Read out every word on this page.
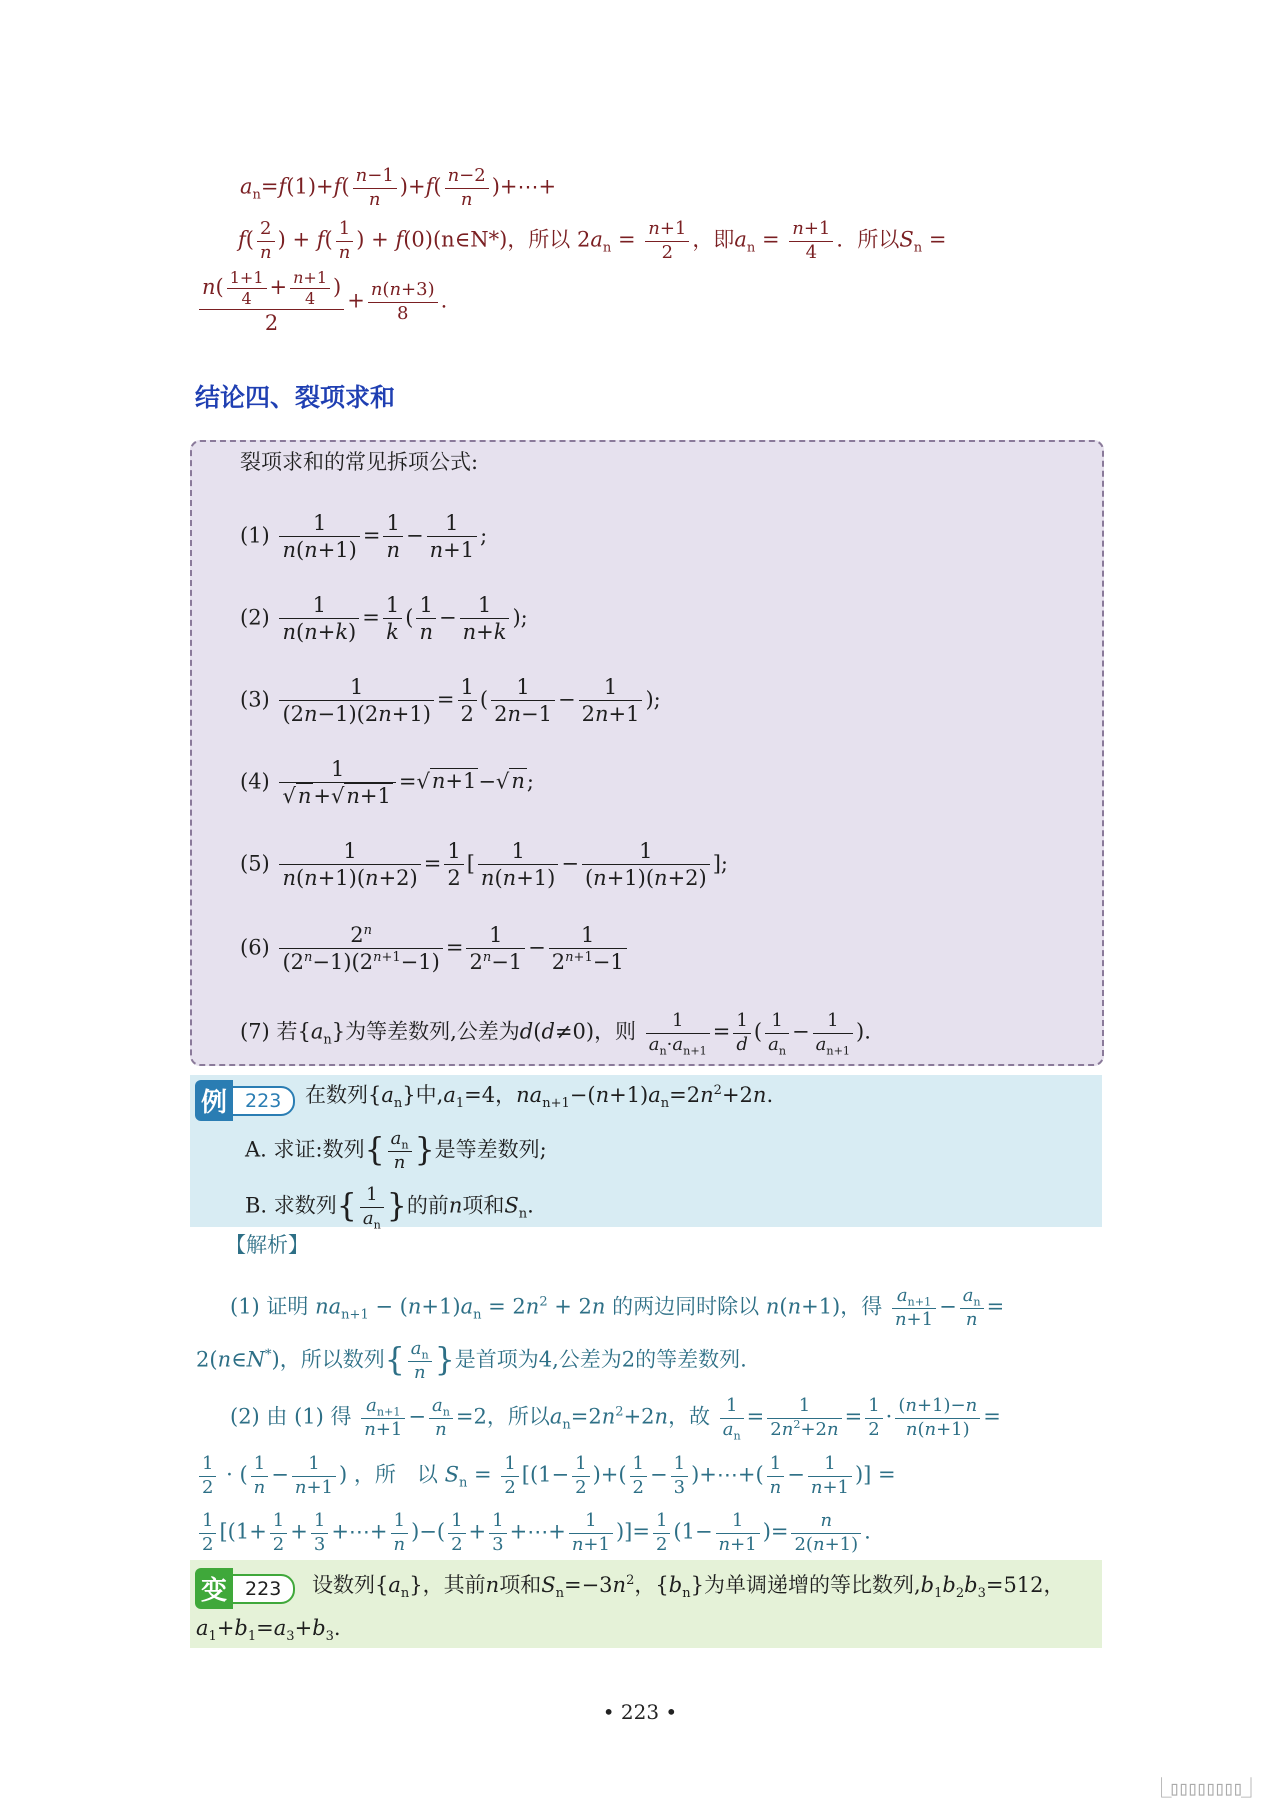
$a_n=f(1)+f( \frac{n-1}{n} )+f( \frac{n-2}{n}$ )+⋯+
$f( \frac{2}{n}$ ) + $f( \frac{1}{n}$ ) + f(0)(n∈N*)，所以 $2a_n = \frac{n+1}{2}$ ，即$a_n = \frac{n+1}{4}$ ．所以$S_n$ =
$\frac{n( \frac{1+1}{4} + \frac{n+1}{4} )}{2} + \frac{n(n+3)}{8}$ .
结论四、裂项求和
裂项求和的常见拆项公式:
$(1) \frac{1}{n(n+1)} = \frac{1}{n} - \frac{1}{n+1}$ ;
$(2) \frac{1}{n(n+k)} = \frac{1}{k}$ ( $\frac{1}{n} - \frac{1}{n+k}$ );
$(3) \frac{1}{(2n-1)(2n+1)} = \frac{1}{2}$ ( $\frac{1}{2n-1} - \frac{1}{2n+1}$ );
$(4) \frac{1}{√n+√n+1} =√n+1-√n$;
$(5) \frac{1}{n(n+1)(n+2)} = \frac{1}{2}$ [ $\frac{1}{n(n+1)} - \frac{1}{(n+1)(n+2)}$ ];
$(6) \frac{2^n}{(2^n-1)(2^{n+1}-1)} = \frac{1}{2^n-1} - \frac{1}{2^{n+1}-1}$
(7) 若$\{a_n\}$为等差数列,公差为d(d≠0)，则 $\frac{1}{a_n\cdot a_{n+1}} = \frac{1}{d}$ ( $\frac{1}{a_n} - \frac{1}{a_{n+1}}$ ).
例 223	在数列$\{a_n\}$中$,a_1=4$，$na_{n+1}-(n+1)a_n=2n^2+2n$.
A. 求证:数列{ $\frac{a_n}{n}$ }是等差数列;
B. 求数列{ $\frac{1}{a_n}$ }的前n项和$S_n$.
【解析】
(1) 证明 $na_{n+1} - (n+1)a_n = 2n^2 + 2n$ 的两边同时除以 n(n+1)，得 $\frac{a_{n+1}}{n+1} - \frac{a_n}{n}$ =
2(n∈N*)，所以数列{ $\frac{a_n}{n}$ }是首项为4,公差为2的等差数列.
(2) 由 (1) 得 $\frac{a_{n+1}}{n+1} - \frac{a_n}{n} =2$，所以$a_n=2n^2+2n$，故 $\frac{1}{a_n} = \frac{1}{2n^2+2n} = \frac{1}{2} \cdot \frac{(n+1)-n}{n(n+1)}$ =
$\frac{1}{2}$ · ( $\frac{1}{n} - \frac{1}{n+1}$ ) ，所　以 $S_n = \frac{1}{2} [(1- \frac{1}{2}$ )+( $\frac{1}{2} - \frac{1}{3}$ )+⋯+( $\frac{1}{n} - \frac{1}{n+1}$ )] =
$\frac{1}{2} [(1+ \frac{1}{2} + \frac{1}{3}$ +⋯+ $\frac{1}{n}$ )−( $\frac{1}{2} + \frac{1}{3}$ +⋯+ $\frac{1}{n+1}$ )]= $\frac{1}{2} (1- \frac{1}{n+1}$ )= $\frac{n}{2(n+1)}$ .
变 223	设数列$\{a_n\}$，其前n项和$S_n=-3n^2$，$\{b_n\}$为单调递增的等比数列$,b_1b_2b_3=512$，
$a_1+b_1=a_3+b_3$.
• 223 •
⎿▯▯▯▯▯▯▯▯⏌
